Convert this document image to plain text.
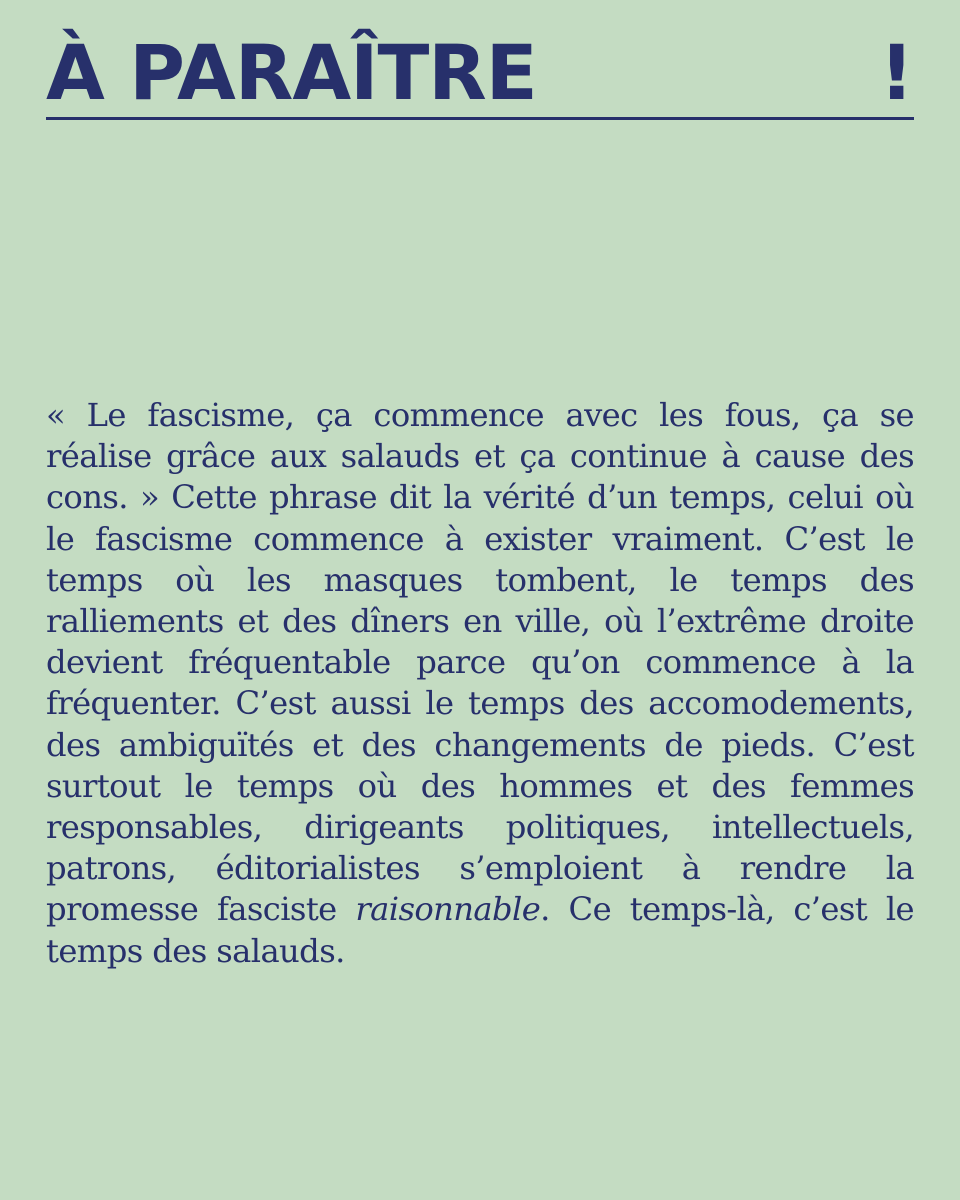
À PARAÎTRE	!

« Le fascisme, ça commence avec les fous, ça se réalise grâce aux salauds et ça continue à cause des cons. » Cette phrase dit la vérité d’un temps, celui où le fascisme commence à exister vraiment. C’est le temps où les masques tombent, le temps des ralliements et des dîners en ville, où l’extrême droite devient fréquentable parce qu’on commence à la fréquenter. C’est aussi le temps des accomodements, des ambiguïtés et des changements de pieds. C’est surtout le temps où des hommes et des femmes responsables, dirigeants politiques, intellectuels, patrons, éditorialistes s’emploient à rendre la promesse fasciste raisonnable. Ce temps-là, c’est le temps des salauds.
